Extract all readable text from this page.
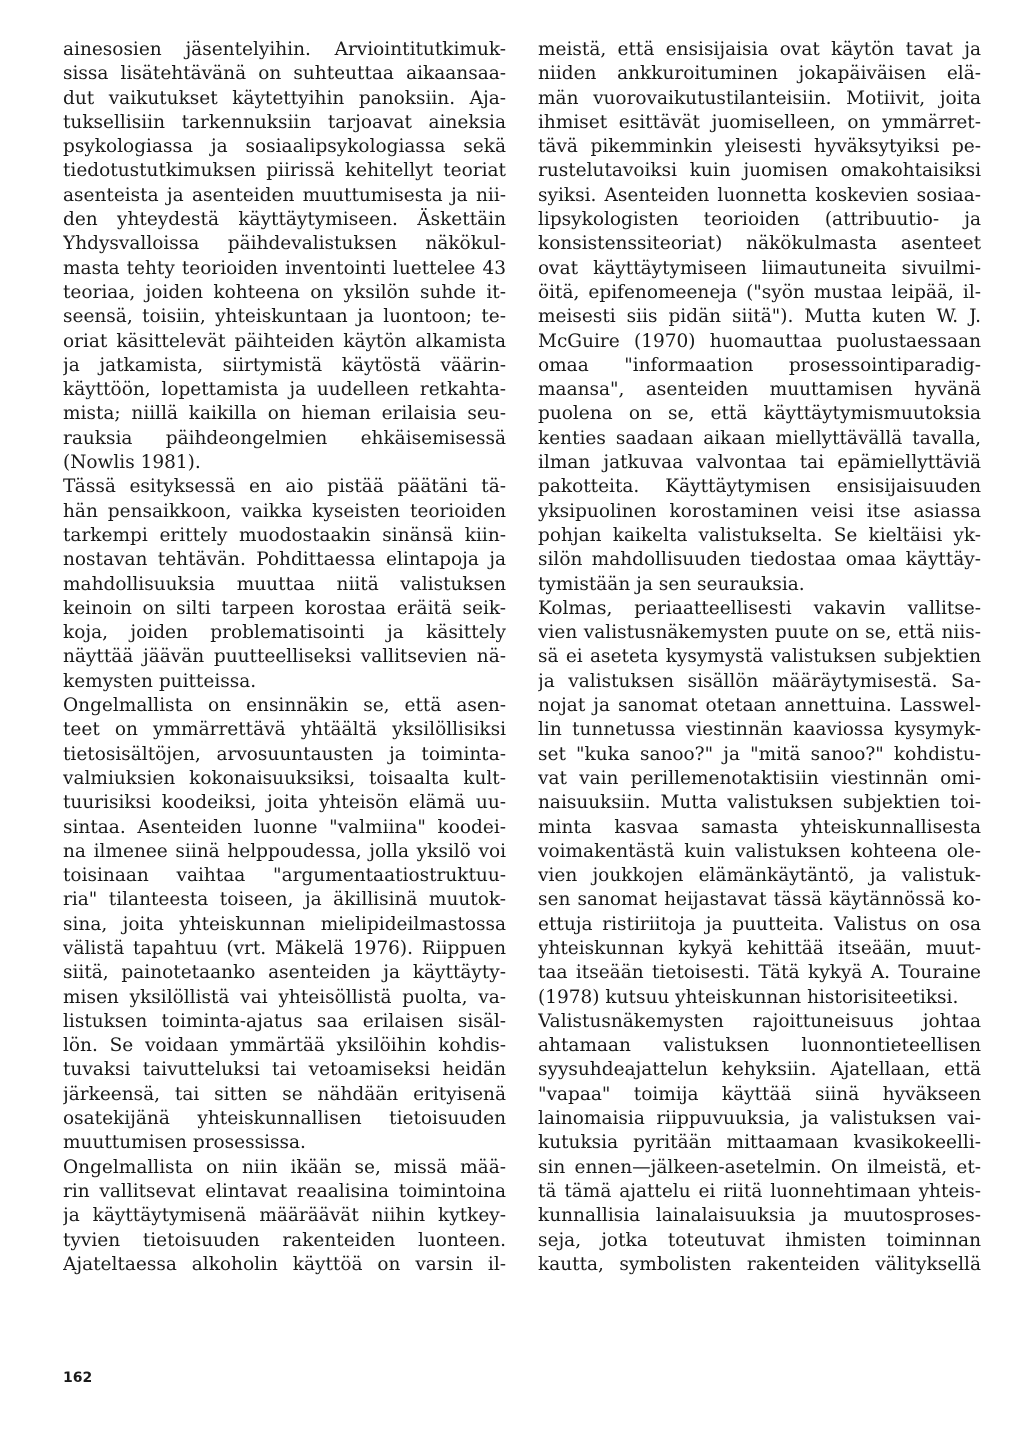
ainesosien jäsentelyihin. Arviointitutkimuk-
sissa lisätehtävänä on suhteuttaa aikaansaa-
dut vaikutukset käytettyihin panoksiin. Aja-
tuksellisiin tarkennuksiin tarjoavat aineksia
psykologiassa ja sosiaalipsykologiassa sekä
tiedotustutkimuksen piirissä kehitellyt teoriat
asenteista ja asenteiden muuttumisesta ja nii-
den yhteydestä käyttäytymiseen. Äskettäin
Yhdysvalloissa päihdevalistuksen näkökul-
masta tehty teorioiden inventointi luettelee 43
teoriaa, joiden kohteena on yksilön suhde it-
seensä, toisiin, yhteiskuntaan ja luontoon; te-
oriat käsittelevät päihteiden käytön alkamista
ja jatkamista, siirtymistä käytöstä väärin-
käyttöön, lopettamista ja uudelleen retkahta-
mista; niillä kaikilla on hieman erilaisia seu-
rauksia päihdeongelmien ehkäisemisessä
(Nowlis 1981).
Tässä esityksessä en aio pistää päätäni tä-
hän pensaikkoon, vaikka kyseisten teorioiden
tarkempi erittely muodostaakin sinänsä kiin-
nostavan tehtävän. Pohdittaessa elintapoja ja
mahdollisuuksia muuttaa niitä valistuksen
keinoin on silti tarpeen korostaa eräitä seik-
koja, joiden problematisointi ja käsittely
näyttää jäävän puutteelliseksi vallitsevien nä-
kemysten puitteissa.
Ongelmallista on ensinnäkin se, että asen-
teet on ymmärrettävä yhtäältä yksilöllisiksi
tietosisältöjen, arvosuuntausten ja toiminta-
valmiuksien kokonaisuuksiksi, toisaalta kult-
tuurisiksi koodeiksi, joita yhteisön elämä uu-
sintaa. Asenteiden luonne "valmiina" koodei-
na ilmenee siinä helppoudessa, jolla yksilö voi
toisinaan vaihtaa "argumentaatiostruktuu-
ria" tilanteesta toiseen, ja äkillisinä muutok-
sina, joita yhteiskunnan mielipideilmastossa
välistä tapahtuu (vrt. Mäkelä 1976). Riippuen
siitä, painotetaanko asenteiden ja käyttäyty-
misen yksilöllistä vai yhteisöllistä puolta, va-
listuksen toiminta-ajatus saa erilaisen sisäl-
lön. Se voidaan ymmärtää yksilöihin kohdis-
tuvaksi taivutteluksi tai vetoamiseksi heidän
järkeensä, tai sitten se nähdään erityisenä
osatekijänä yhteiskunnallisen tietoisuuden
muuttumisen prosessissa.
Ongelmallista on niin ikään se, missä mää-
rin vallitsevat elintavat reaalisina toimintoina
ja käyttäytymisenä määräävät niihin kytkey-
tyvien tietoisuuden rakenteiden luonteen.
Ajateltaessa alkoholin käyttöä on varsin il-
meistä, että ensisijaisia ovat käytön tavat ja
niiden ankkuroituminen jokapäiväisen elä-
män vuorovaikutustilanteisiin. Motiivit, joita
ihmiset esittävät juomiselleen, on ymmärret-
tävä pikemminkin yleisesti hyväksytyiksi pe-
rustelutavoiksi kuin juomisen omakohtaisiksi
syiksi. Asenteiden luonnetta koskevien sosiaa-
lipsykologisten teorioiden (attribuutio- ja
konsistenssiteoriat) näkökulmasta asenteet
ovat käyttäytymiseen liimautuneita sivuilmi-
öitä, epifenomeeneja ("syön mustaa leipää, il-
meisesti siis pidän siitä"). Mutta kuten W. J.
McGuire (1970) huomauttaa puolustaessaan
omaa "informaation prosessointiparadig-
maansa", asenteiden muuttamisen hyvänä
puolena on se, että käyttäytymismuutoksia
kenties saadaan aikaan miellyttävällä tavalla,
ilman jatkuvaa valvontaa tai epämiellyttäviä
pakotteita. Käyttäytymisen ensisijaisuuden
yksipuolinen korostaminen veisi itse asiassa
pohjan kaikelta valistukselta. Se kieltäisi yk-
silön mahdollisuuden tiedostaa omaa käyttäy-
tymistään ja sen seurauksia.
Kolmas, periaatteellisesti vakavin vallitse-
vien valistusnäkemysten puute on se, että niis-
sä ei aseteta kysymystä valistuksen subjektien
ja valistuksen sisällön määräytymisestä. Sa-
nojat ja sanomat otetaan annettuina. Lasswel-
lin tunnetussa viestinnän kaaviossa kysymyk-
set "kuka sanoo?" ja "mitä sanoo?" kohdistu-
vat vain perillemenotaktisiin viestinnän omi-
naisuuksiin. Mutta valistuksen subjektien toi-
minta kasvaa samasta yhteiskunnallisesta
voimakentästä kuin valistuksen kohteena ole-
vien joukkojen elämänkäytäntö, ja valistuk-
sen sanomat heijastavat tässä käytännössä ko-
ettuja ristiriitoja ja puutteita. Valistus on osa
yhteiskunnan kykyä kehittää itseään, muut-
taa itseään tietoisesti. Tätä kykyä A. Touraine
(1978) kutsuu yhteiskunnan historisiteetiksi.
Valistusnäkemysten rajoittuneisuus johtaa
ahtamaan valistuksen luonnontieteellisen
syysuhdeajattelun kehyksiin. Ajatellaan, että
"vapaa" toimija käyttää siinä hyväkseen
lainomaisia riippuvuuksia, ja valistuksen vai-
kutuksia pyritään mittaamaan kvasikokeelli-
sin ennen—jälkeen-asetelmin. On ilmeistä, et-
tä tämä ajattelu ei riitä luonnehtimaan yhteis-
kunnallisia lainalaisuuksia ja muutosproses-
seja, jotka toteutuvat ihmisten toiminnan
kautta, symbolisten rakenteiden välityksellä
162
